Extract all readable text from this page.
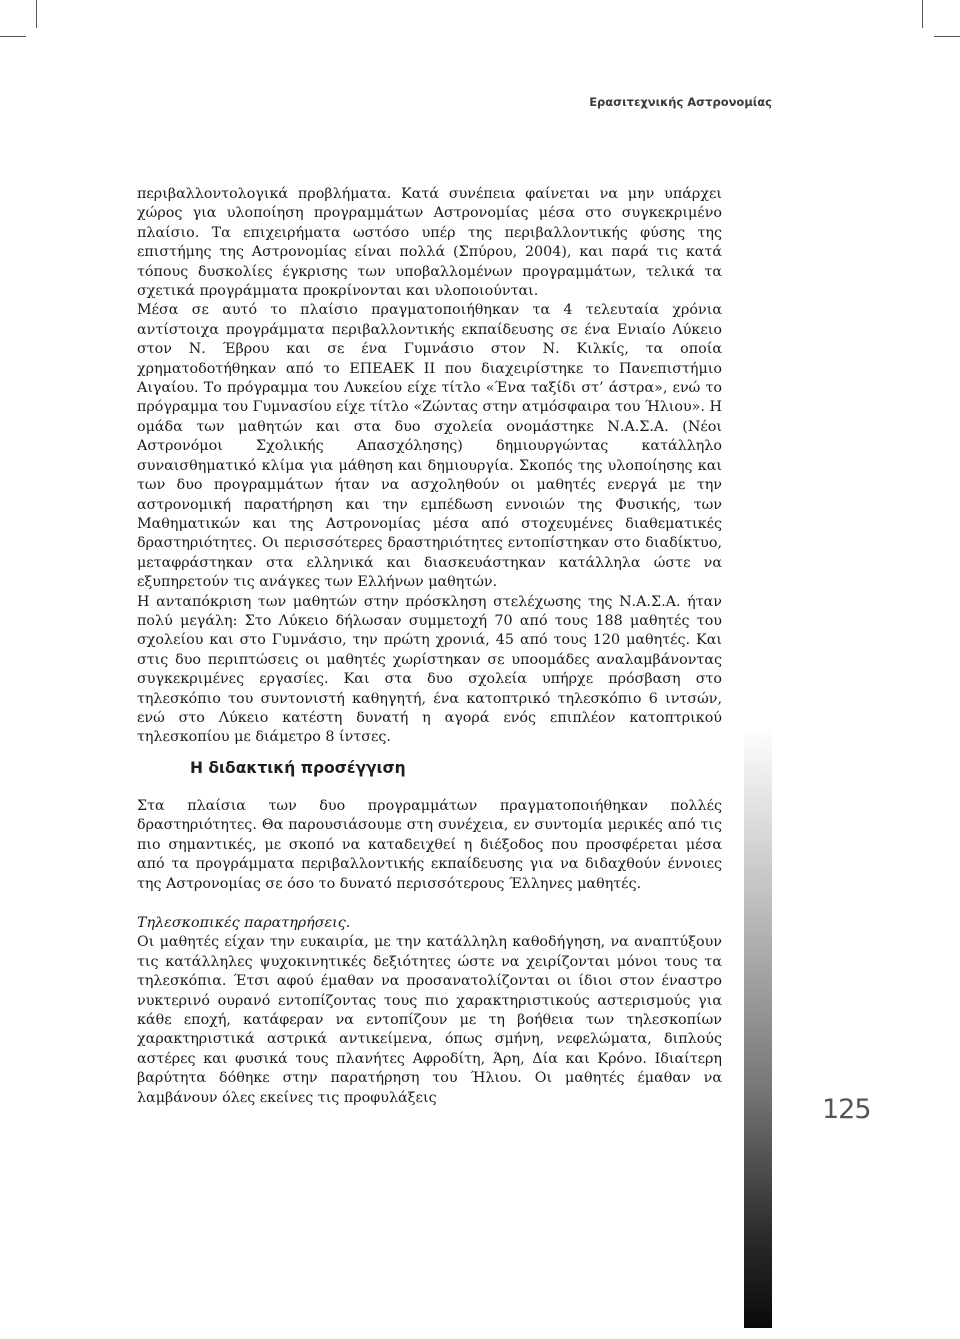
Ερασιτεχνικής Αστρονομίας

περιβαλλοντολογικά προβλήματα. Κατά συνέπεια φαίνεται να μην υπάρχει χώρος για υλοποίηση προγραμμάτων Αστρονομίας μέσα στο συγκεκριμένο πλαίσιο. Τα επιχειρήματα ωστόσο υπέρ της περιβαλλοντικής φύσης της επιστήμης της Αστρονομίας είναι πολλά (Σπύρου, 2004), και παρά τις κατά τόπους δυσκολίες έγκρισης των υποβαλλομένων προγραμμάτων, τελικά τα σχετικά προγράμματα προκρίνονται και υλοποιούνται.

Μέσα σε αυτό το πλαίσιο πραγματοποιήθηκαν τα 4 τελευταία χρόνια αντίστοιχα προγράμματα περιβαλλοντικής εκπαίδευσης σε ένα Ενιαίο Λύκειο στον Ν. Έβρου και σε ένα Γυμνάσιο στον Ν. Κιλκίς, τα οποία χρηματοδοτήθηκαν από το ΕΠΕΑΕΚ ΙΙ που διαχειρίστηκε το Πανεπιστήμιο Αιγαίου. Το πρόγραμμα του Λυκείου είχε τίτλο «Ένα ταξίδι στ’ άστρα», ενώ το πρόγραμμα του Γυμνασίου είχε τίτλο «Ζώντας στην ατμόσφαιρα του Ήλιου». Η ομάδα των μαθητών και στα δυο σχολεία ονομάστηκε Ν.Α.Σ.Α. (Νέοι Αστρονόμοι Σχολικής Απασχόλησης) δημιουργώντας κατάλληλο συναισθηματικό κλίμα για μάθηση και δημιουργία. Σκοπός της υλοποίησης και των δυο προγραμμάτων ήταν να ασχοληθούν οι μαθητές ενεργά με την αστρονομική παρατήρηση και την εμπέδωση εννοιών της Φυσικής, των Μαθηματικών και της Αστρονομίας μέσα από στοχευμένες διαθεματικές δραστηριότητες. Οι περισσότερες δραστηριότητες εντοπίστηκαν στο διαδίκτυο, μεταφράστηκαν στα ελληνικά και διασκευάστηκαν κατάλληλα ώστε να εξυπηρετούν τις ανάγκες των Ελλήνων μαθητών.

Η ανταπόκριση των μαθητών στην πρόσκληση στελέχωσης της Ν.Α.Σ.Α. ήταν πολύ μεγάλη: Στο Λύκειο δήλωσαν συμμετοχή 70 από τους 188 μαθητές του σχολείου και στο Γυμνάσιο, την πρώτη χρονιά, 45 από τους 120 μαθητές. Και στις δυο περιπτώσεις οι μαθητές χωρίστηκαν σε υποομάδες αναλαμβάνοντας συγκεκριμένες εργασίες. Και στα δυο σχολεία υπήρχε πρόσβαση στο τηλεσκόπιο του συντονιστή καθηγητή, ένα κατοπτρικό τηλεσκόπιο 6 ιντσών, ενώ στο Λύκειο κατέστη δυνατή η αγορά ενός επιπλέον κατοπτρικού τηλεσκοπίου με διάμετρο 8 ίντσες.

Η διδακτική προσέγγιση

Στα πλαίσια των δυο προγραμμάτων πραγματοποιήθηκαν πολλές δραστηριότητες. Θα παρουσιάσουμε στη συνέχεια, εν συντομία μερικές από τις πιο σημαντικές, με σκοπό να καταδειχθεί η διέξοδος που προσφέρεται μέσα από τα προγράμματα περιβαλλοντικής εκπαίδευσης για να διδαχθούν έννοιες της Αστρονομίας σε όσο το δυνατό περισσότερους Έλληνες μαθητές.

Τηλεσκοπικές παρατηρήσεις.

Οι μαθητές είχαν την ευκαιρία, με την κατάλληλη καθοδήγηση, να αναπτύξουν τις κατάλληλες ψυχοκινητικές δεξιότητες ώστε να χειρίζονται μόνοι τους τα τηλεσκόπια. Έτσι αφού έμαθαν να προσανατολίζονται οι ίδιοι στον έναστρο νυκτερινό ουρανό εντοπίζοντας τους πιο χαρακτηριστικούς αστερισμούς για κάθε εποχή, κατάφεραν να εντοπίζουν με τη βοήθεια των τηλεσκοπίων χαρακτηριστικά αστρικά αντικείμενα, όπως σμήνη, νεφελώματα, διπλούς αστέρες και φυσικά τους πλανήτες Αφροδίτη, Άρη, Δία και Κρόνο. Ιδιαίτερη βαρύτητα δόθηκε στην παρατήρηση του Ήλιου. Οι μαθητές έμαθαν να λαμβάνουν όλες εκείνες τις προφυλάξεις	125
